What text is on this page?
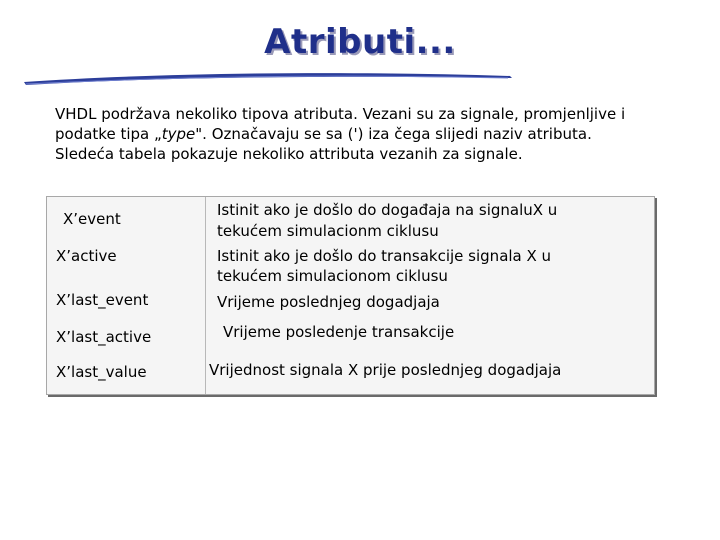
Atributi...
VHDL podržava nekoliko tipova atributa. Vezani su za signale, promjenljive i
podatke tipa „type". Označavaju se sa (') iza čega slijedi naziv atributa.
Sledeća tabela pokazuje nekoliko attributa vezanih za signale.
X’event	Istinit ako je došlo do događaja na signaluX u
tekućem simulacionm ciklusu
X’active	Istinit ako je došlo do transakcije signala X u
tekućem simulacionom ciklusu
X’last_event	Vrijeme poslednjeg dogadjaja
X’last_active	Vrijeme posledenje transakcije
X’last_value	Vrijednost signala X prije poslednjeg dogadjaja
